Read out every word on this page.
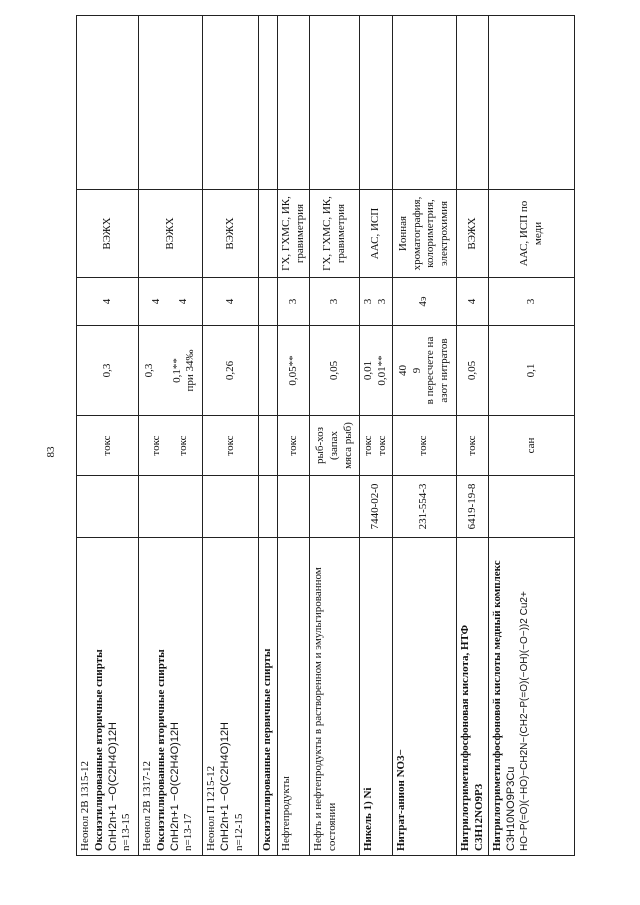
83
Неонол 2В 1315-12 Оксиэтилированные вторичные спирты CnH2n+1 −O(C2H4O)12H n=13-15		токс	0,3	4	ВЭЖХ	

Неонол 2В 1317-12 Оксиэтилированные вторичные спирты CnH2n+1 −O(C2H4O)12H n=13-17		токс токс	0,3 0,1** при 34‰	4 4	ВЭЖХ	

Неонол П 1215-12 CnH2n+1 −O(C2H4O)12H n=12-15		токс	0,26	4	ВЭЖХ	
Оксиэтилированные первичные спирты						
Нефтепродукты		токс	0,05**	3	ГХ, ГХМС, ИК, гравиметрия	
Нефть и нефтепродукты в растворенном и эмульгированном состоянии		рыб-хоз (запах мяса рыб)	0,05	3	ГХ, ГХМС, ИК, гравиметрия	
Никель 1) Ni	7440-02-0	токс токс	0,01 0,01**	3 3	ААС, ИСП	
Нитрат-анион NO3−	231-554-3	токс	40 9 в пересчете на азот нитратов	4э	Ионная хроматография, колориметрия, электрохимия	

Нитрилотриметилфосфоновая кислота, НТФ C3H12NO9P3	6419-19-8	токс	0,05	4	ВЭЖХ	

Нитрилотриметилфосфоновой кислоты медный комплекс C3H10NO9P3Cu HO−P(=O)(−HO)−CH2N−(CH2−P(=O)(−OH)(−O−))2 Cu2+		сан	0,1	3	ААС, ИСП по меди	
